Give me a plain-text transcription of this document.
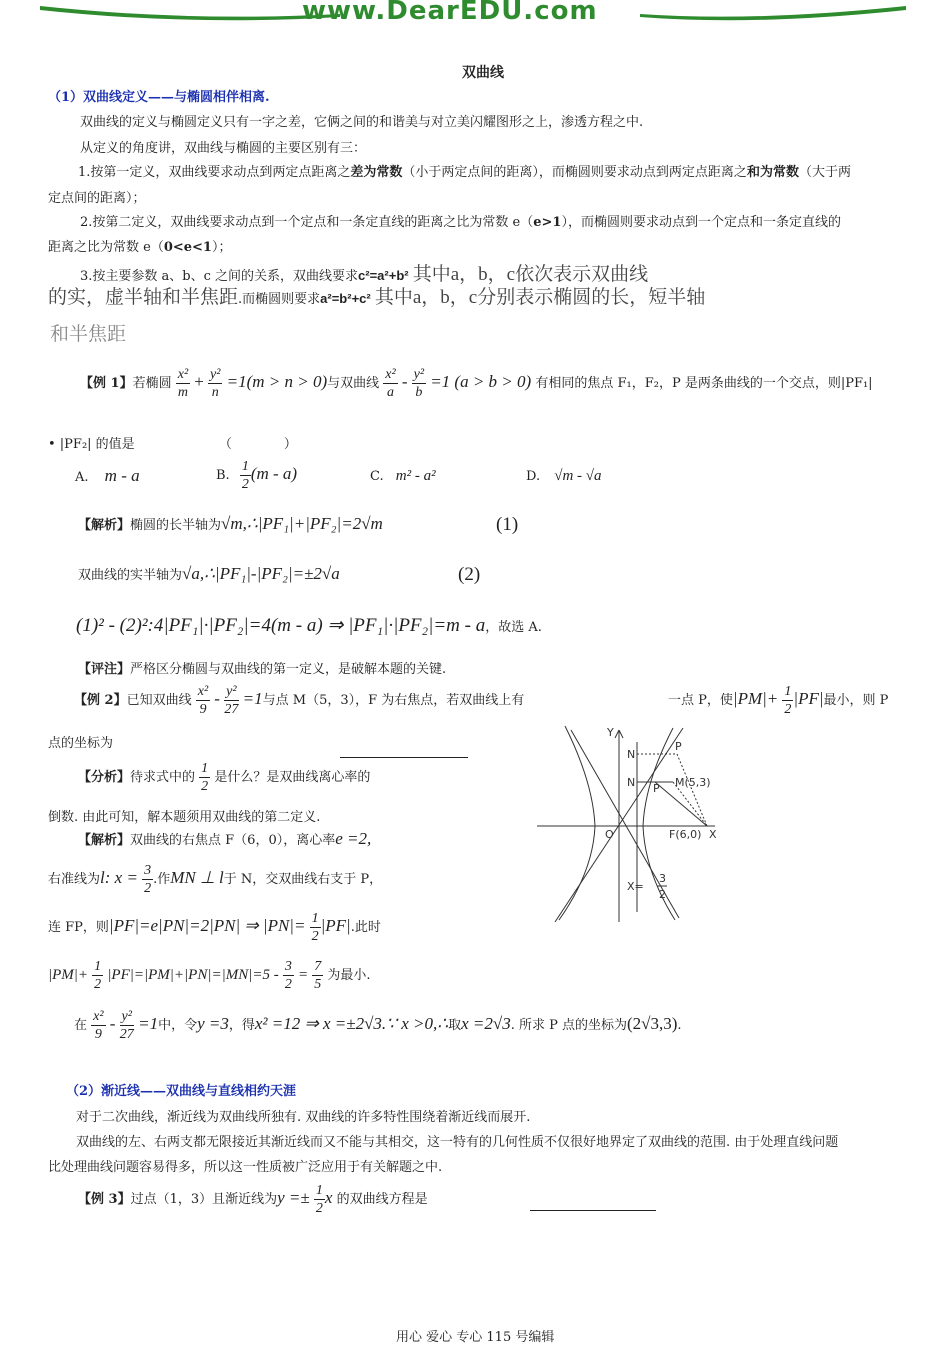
www.DearEDU.com
双曲线
（1）双曲线定义——与椭圆相伴相离.
双曲线的定义与椭圆定义只有一字之差，它俩之间的和谐美与对立美闪耀图形之上，渗透方程之中.
从定义的角度讲，双曲线与椭圆的主要区别有三：
1.按第一定义，双曲线要求动点到两定点距离之差为常数（小于两定点间的距离），而椭圆则要求动点到两定点距离之和为常数（大于两
定点间的距离）；
2.按第二定义，双曲线要求动点到一个定点和一条定直线的距离之比为常数 e（e>1），而椭圆则要求动点到一个定点和一条定直线的
距离之比为常数 e（0<e<1）；
3.按主要参数 a、b、c 之间的关系，双曲线要求c²=a²+b² 其中a，b，c依次表示双曲线
的实，虚半轴和半焦距.而椭圆则要求a²=b²+c² 其中a，b，c分别表示椭圆的长，短半轴
和半焦距
【例 1】若椭圆 $\frac{\text{x²}}{m} + \frac{\text{y²}}{n} =1(m > n > 0)$与双曲线 $\frac{\text{x²}}{a} - \frac{\text{y²}}{b} =1$ (a > b > 0) 有相同的焦点 F₁，F₂，P 是两条曲线的一个交点，则|PF₁|
• |PF₂| 的值是	（　　　　）
A. m - a	B. $\frac{1}{2} (m - a)$	C. m² - a²	D. √m - √a
【解析】椭圆的长半轴为√m,∴|PF₁|+|PF₂|=2√m	(1)
双曲线的实半轴为√a,∴|PF₁|-|PF₂|=±2√a	(2)
(1)² - (2)²:4|PF₁|·|PF₂|=4(m - a) ⇒ |PF₁|·|PF₂|=m - a，故选 A.
【评注】严格区分椭圆与双曲线的第一定义，是破解本题的关键.
【例 2】已知双曲线 $\frac{\text{x²}}{9} - \frac{\text{y²}}{27} =1$与点 M（5，3），F 为右焦点，若双曲线上有	一点 P，使$|PM|+ \frac{1}{2} |PF|$最小，则 P
点的坐标为
【分析】待求式中的 $\frac{1}{2}$ 是什么？是双曲线离心率的
倒数. 由此可知，解本题须用双曲线的第二定义.
【解析】双曲线的右焦点 F（6，0），离心率e =2,
右准线为l: $x = \frac{3}{2}$ .作MN ⊥ l于 N，交双曲线右支于 P，
连 FP，则|PF|=e|PN|=2|PN| ⇒ $|PN|= \frac{1}{2} |PF|$.此时
$|PM|+ \frac{1}{2} |PF|=|PM|+|PN|=|MN|=5 - \frac{3}{2} = \frac{7}{5}$ 为最小.
在 $\frac{\text{x²}}{9} - \frac{\text{y²}}{27} =1$中，令y =3，得x² =12 ⇒ x =±2√3.∵ x >0,∴取x =2√3. 所求 P 点的坐标为(2√3,3).
Y
N
P
N P M(5,3)
O	F(6,0) X
X=
3
2
（2）渐近线——双曲线与直线相约天涯
对于二次曲线，渐近线为双曲线所独有. 双曲线的许多特性围绕着渐近线而展开.
双曲线的左、右两支都无限接近其渐近线而又不能与其相交，这一特有的几何性质不仅很好地界定了双曲线的范围. 由于处理直线问题
比处理曲线问题容易得多，所以这一性质被广泛应用于有关解题之中.
【例 3】过点（1，3）且渐近线为$y =\pm \frac{1}{2}$ x 的双曲线方程是
用心 爱心 专心 115 号编辑
